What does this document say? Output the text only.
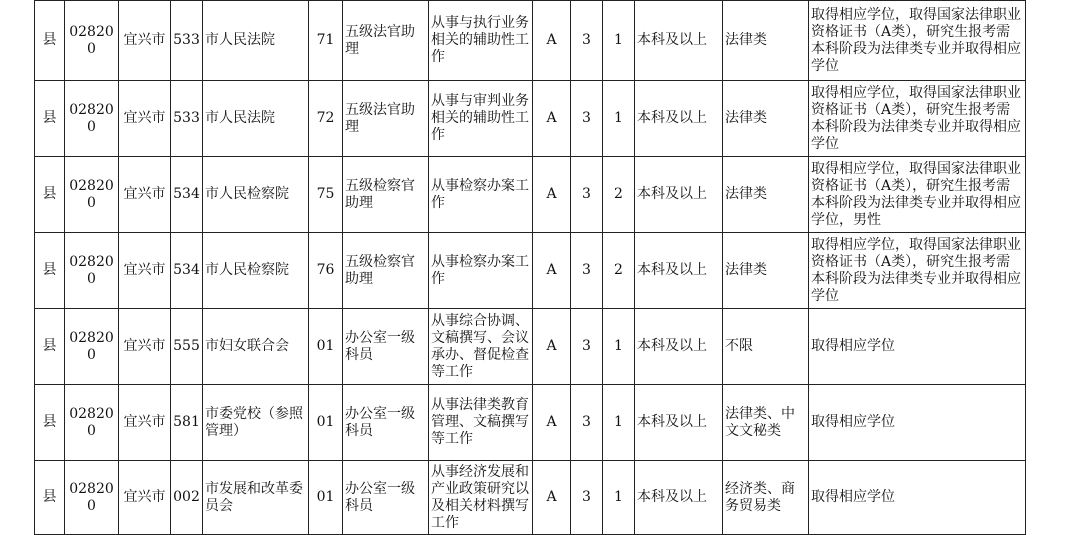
县	028200	宜兴市	533	市人民法院	71	五级法官助理	从事与执行业务相关的辅助性工作	A	3	1	本科及以上	法律类	取得相应学位，取得国家法律职业资格证书（A类），研究生报考需本科阶段为法律类专业并取得相应学位
县	028200	宜兴市	533	市人民法院	72	五级法官助理	从事与审判业务相关的辅助性工作	A	3	1	本科及以上	法律类	取得相应学位，取得国家法律职业资格证书（A类），研究生报考需本科阶段为法律类专业并取得相应学位
县	028200	宜兴市	534	市人民检察院	75	五级检察官助理	从事检察办案工作	A	3	2	本科及以上	法律类	取得相应学位，取得国家法律职业资格证书（A类），研究生报考需本科阶段为法律类专业并取得相应学位，男性
县	028200	宜兴市	534	市人民检察院	76	五级检察官助理	从事检察办案工作	A	3	2	本科及以上	法律类	取得相应学位，取得国家法律职业资格证书（A类），研究生报考需本科阶段为法律类专业并取得相应学位
县	028200	宜兴市	555	市妇女联合会	01	办公室一级科员	从事综合协调、文稿撰写、会议承办、督促检查等工作	A	3	1	本科及以上	不限	取得相应学位
县	028200	宜兴市	581	市委党校（参照管理）	01	办公室一级科员	从事法律类教育管理、文稿撰写等工作	A	3	1	本科及以上	法律类、中文文秘类	取得相应学位
县	028200	宜兴市	002	市发展和改革委员会	01	办公室一级科员	从事经济发展和产业政策研究以及相关材料撰写工作	A	3	1	本科及以上	经济类、商务贸易类	取得相应学位
